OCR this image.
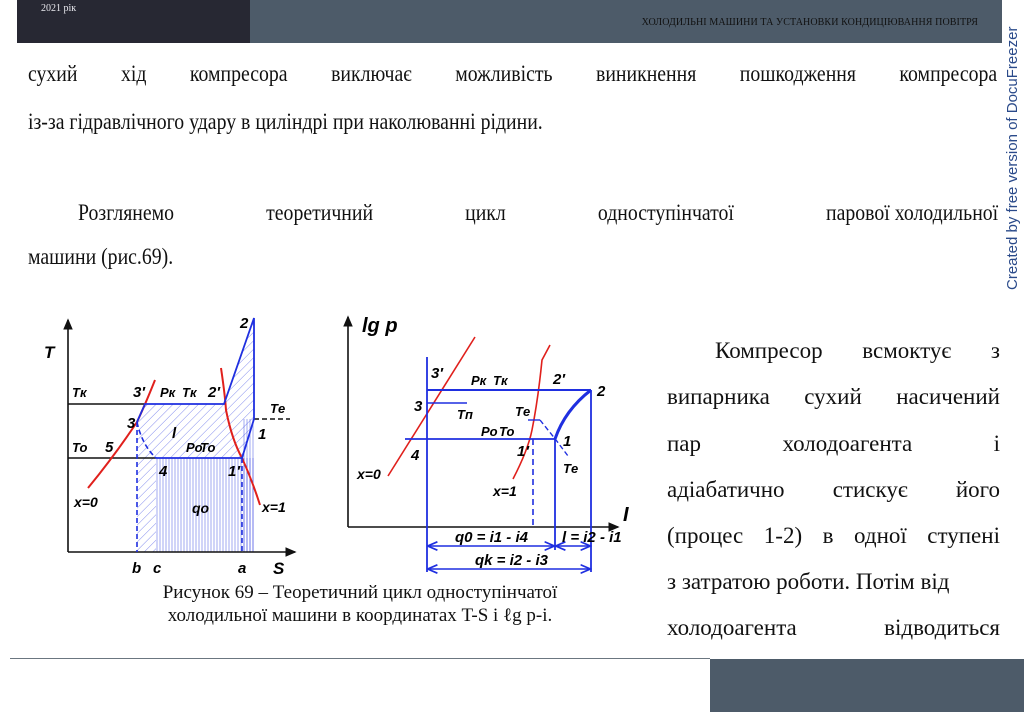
2021 рік
ХОЛОДИЛЬНІ МАШИНИ ТА УСТАНОВКИ КОНДИЦІЮВАННЯ ПОВІТРЯ
Created by free version of DocuFreezer
сухий хід компресора виключає можливість виникнення пошкодження компресора
із-за гідравлічного удару в циліндрі при наколюванні рідини.
Розглянемо	теоретичний	цикл	одноступінчатої	парової холодильної
машини (рис.69).
T
S
Tк	3′ Pк Tк 2′
2
3
l
To 5	Po
To
4	1′
1
Tе
x=0	x=1
qo
b c	a
lg p
I
3′ Pк Tк	2′
2
3	Tп	Tе
Po To
1
1′
4
Tе
x=0
x=1
q0 = i1 - i4 l = i2 - i1
qk = i2 - i3
Рисунок 69 – Теоретичний цикл одноступінчатої
холодильної машини в координатах T-S і ℓg p-i.
Компресор всмоктує з
випарника сухий насичений
пар	холодоагента	і
адіабатично стискує його
(процес 1-2) в одної ступені
з затратою роботи. Потім від
холодоагента	відводиться
